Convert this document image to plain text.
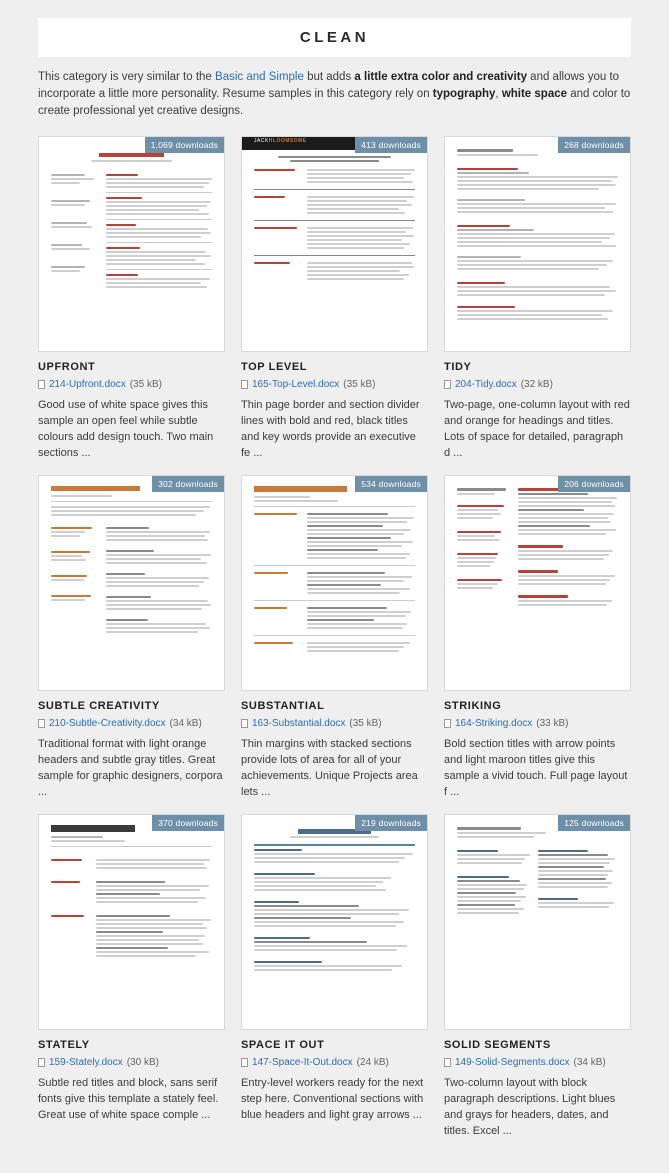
CLEAN

This category is very similar to the Basic and Simple but adds a little extra color and creativity and allows you to incorporate a little more personality. Resume samples in this category rely on typography, white space and color to create professional yet creative designs.

1,069 downloads
UPFRONT
214-Upfront.docx (35 kB)

Good use of white space gives this sample an open feel while subtle colours add design touch. Two main sections ...

413 downloads
JACKHLOOMSOME
TOP LEVEL
165-Top-Level.docx (35 kB)

Thin page border and section divider lines with bold and red, black titles and key words provide an executive fe ...

268 downloads
TIDY
204-Tidy.docx (32 kB)

Two-page, one-column layout with red and orange for headings and titles. Lots of space for detailed, paragraph d ...

302 downloads
SUBTLE CREATIVITY
210-Subtle-Creativity.docx (34 kB)

Traditional format with light orange headers and subtle gray titles. Great sample for graphic designers, corpora ...

534 downloads
SUBSTANTIAL
163-Substantial.docx (35 kB)

Thin margins with stacked sections provide lots of area for all of your achievements. Unique Projects area lets ...

206 downloads
STRIKING
164-Striking.docx (33 kB)

Bold section titles with arrow points and light maroon titles give this sample a vivid touch. Full page layout f ...

370 downloads
STATELY
159-Stately.docx (30 kB)

Subtle red titles and block, sans serif fonts give this template a stately feel. Great use of white space comple ...

219 downloads
SPACE IT OUT
147-Space-It-Out.docx (24 kB)

Entry-level workers ready for the next step here. Conventional sections with blue headers and light gray arrows ...

125 downloads
SOLID SEGMENTS
149-Solid-Segments.docx (34 kB)

Two-column layout with block paragraph descriptions. Light blues and grays for headers, dates, and titles. Excel ...
